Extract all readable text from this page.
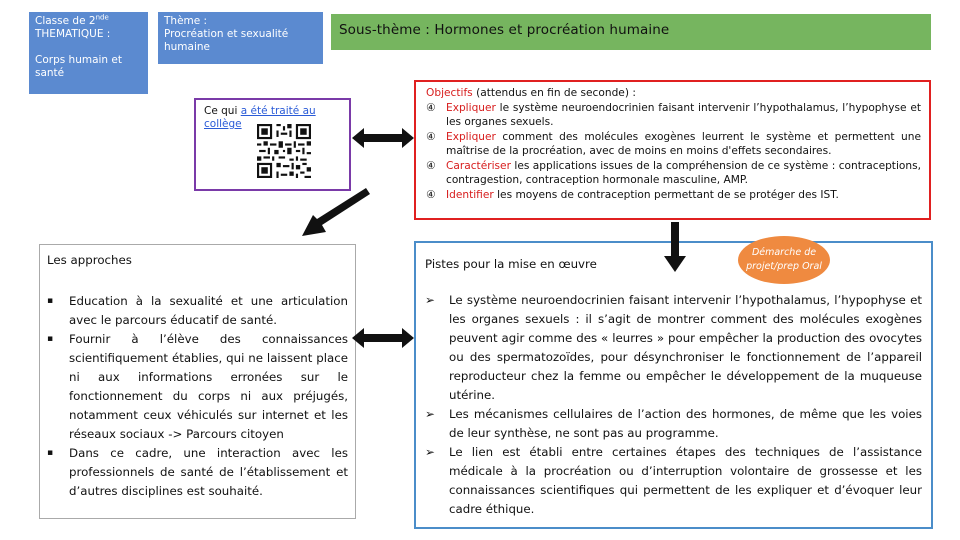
Classe de 2nde
THEMATIQUE :
Corps humain et santé
Thème :
Procréation et sexualité humaine
Sous-thème : Hormones et procréation humaine
Ce qui a été traité au collège
Objectifs (attendus en fin de seconde) :
④ Expliquer le système neuroendocrinien faisant intervenir l’hypothalamus, l’hypophyse et les organes sexuels.
④ Expliquer comment des molécules exogènes leurrent le système et permettent une maîtrise de la procréation, avec de moins en moins d'effets secondaires.
④ Caractériser les applications issues de la compréhension de ce système : contraceptions, contragestion, contraception hormonale masculine, AMP.
④ Identifier les moyens de contraception permettant de se protéger des IST.
Les approches
▪	Education à la sexualité et une articulation avec le parcours éducatif de santé.
▪	Fournir à l’élève des connaissances scientifiquement établies, qui ne laissent place ni aux informations erronées sur le fonctionnement du corps ni aux préjugés, notamment ceux véhiculés sur internet et les réseaux sociaux -> Parcours citoyen
▪	Dans ce cadre, une interaction avec les professionnels de santé de l’établissement et d’autres disciplines est souhaité.
Pistes pour la mise en œuvre
➢	Le système neuroendocrinien faisant intervenir l’hypothalamus, l’hypophyse et les organes sexuels : il s’agit de montrer comment des molécules exogènes peuvent agir comme des « leurres » pour empêcher la production des ovocytes ou des spermatozoïdes, pour désynchroniser le fonctionnement de l’appareil reproducteur chez la femme ou empêcher le développement de la muqueuse utérine.
➢	Les mécanismes cellulaires de l’action des hormones, de même que les voies de leur synthèse, ne sont pas au programme.
➢	Le lien est établi entre certaines étapes des techniques de l’assistance médicale à la procréation ou d’interruption volontaire de grossesse et les connaissances scientifiques qui permettent de les expliquer et d’évoquer leur cadre éthique.
Démarche de
projet/prep Oral
